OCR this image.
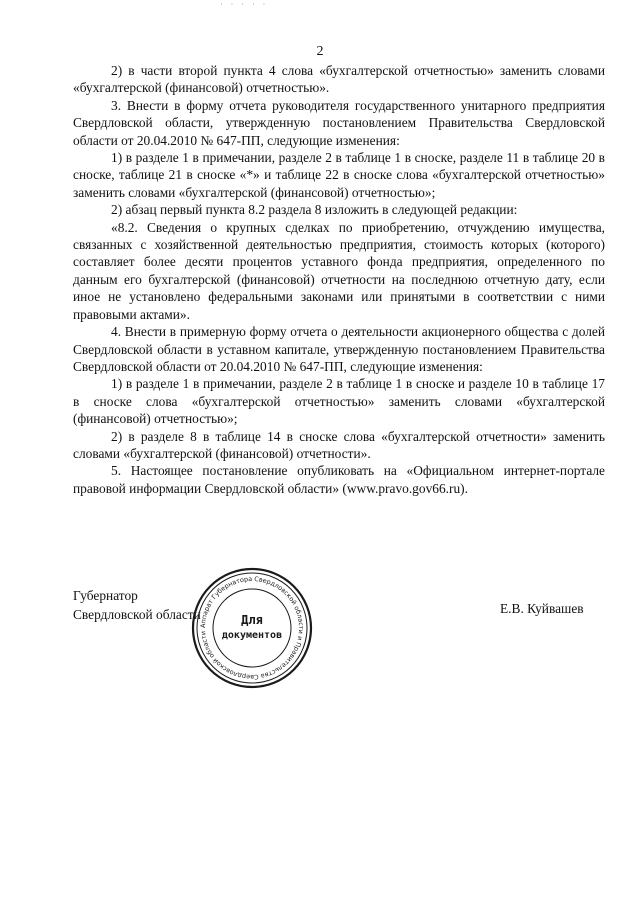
· · · · ·
2

2) в части второй пункта 4 слова «бухгалтерской отчетностью» заменить словами «бухгалтерской (финансовой) отчетностью».

3. Внести в форму отчета руководителя государственного унитарного предприятия Свердловской области, утвержденную постановлением Правительства Свердловской области от 20.04.2010 № 647-ПП, следующие изменения:

1) в разделе 1 в примечании, разделе 2 в таблице 1 в сноске, разделе 11 в таблице 20 в сноске, таблице 21 в сноске «*» и таблице 22 в сноске слова «бухгалтерской отчетностью» заменить словами «бухгалтерской (финансовой) отчетностью»;

2) абзац первый пункта 8.2 раздела 8 изложить в следующей редакции:

«8.2. Сведения о крупных сделках по приобретению, отчуждению имущества, связанных с хозяйственной деятельностью предприятия, стоимость которых (которого) составляет более десяти процентов уставного фонда предприятия, определенного по данным его бухгалтерской (финансовой) отчетности на последнюю отчетную дату, если иное не установлено федеральными законами или принятыми в соответствии с ними правовыми актами».

4. Внести в примерную форму отчета о деятельности акционерного общества с долей Свердловской области в уставном капитале, утвержденную постановлением Правительства Свердловской области от 20.04.2010 № 647-ПП, следующие изменения:

1) в разделе 1 в примечании, разделе 2 в таблице 1 в сноске и разделе 10 в таблице 17 в сноске слова «бухгалтерской отчетностью» заменить словами «бухгалтерской (финансовой) отчетностью»;

2) в разделе 8 в таблице 14 в сноске слова «бухгалтерской отчетности» заменить словами «бухгалтерской (финансовой) отчетности».

5. Настоящее постановление опубликовать на «Официальном интернет-портале правовой информации Свердловской области» (www.pravo.gov66.ru).

Губернатор
Свердловской области
Аппарат Губернатора Свердловской области и Правительства Свердловской области
Для
документов
Е.В. Куйвашев
